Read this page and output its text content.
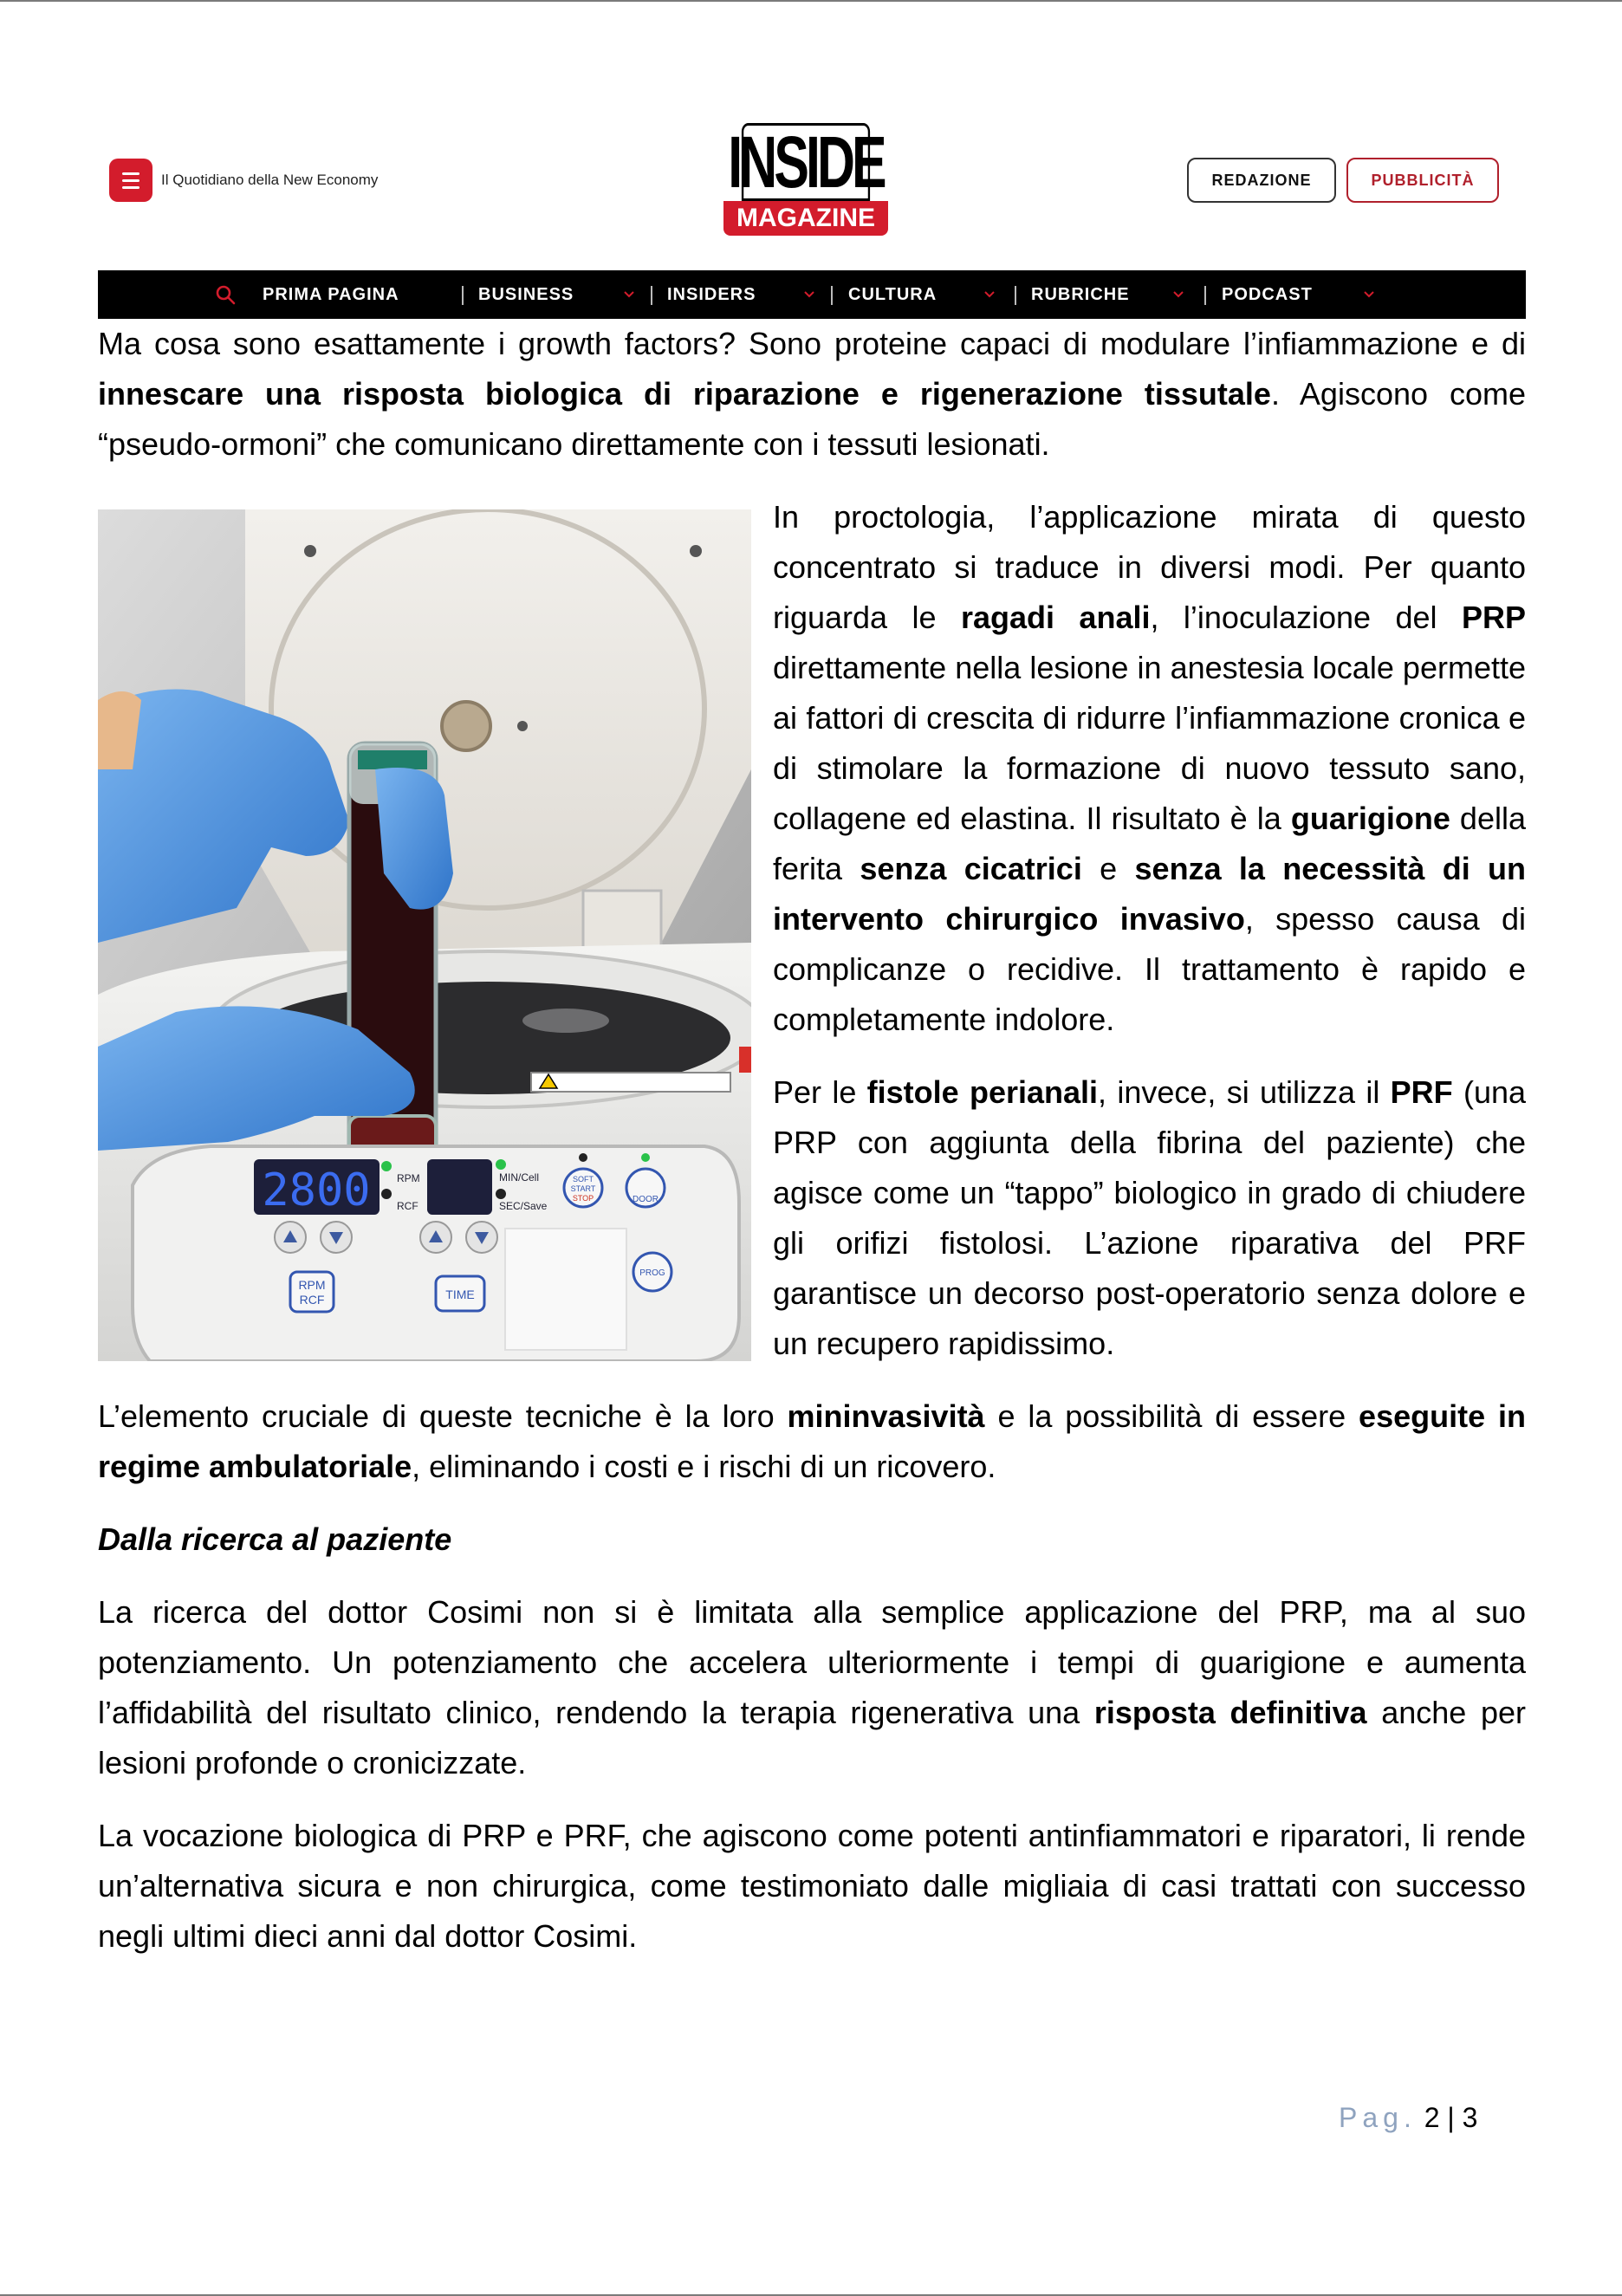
Il Quotidiano della New Economy	INSIDE
MAGAZINE
REDAZIONE	PUBBLICITÀ
PRIMA PAGINA	BUSINESS	INSIDERS	CULTURA	RUBRICHE	PODCAST

Ma cosa sono esattamente i growth factors? Sono proteine capaci di modulare l’infiammazione e di innescare una risposta biologica di riparazione e rigenerazione tissutale. Agiscono come “pseudo-ormoni” che comunicano direttamente con i tessuti lesionati.

2800	RPM
RCF
MIN/Cell
SEC/Save
SOFT
START
STOP	DOOR
PROG
RPM
RCF	TIME

In proctologia, l’applicazione mirata di questo concentrato si traduce in diversi modi. Per quanto riguarda le ragadi anali, l’inoculazione del PRP direttamente nella lesione in anestesia locale permette ai fattori di crescita di ridurre l’infiammazione cronica e di stimolare la formazione di nuovo tessuto sano, collagene ed elastina. Il risultato è la guarigione della ferita senza cicatrici e senza la necessità di un intervento chirurgico invasivo, spesso causa di complicanze o recidive. Il trattamento è rapido e completamente indolore.

Per le fistole perianali, invece, si utilizza il PRF (una PRP con aggiunta della fibrina del paziente) che agisce come un “tappo” biologico in grado di chiudere gli orifizi fistolosi. L’azione riparativa del PRF garantisce un decorso post-operatorio senza dolore e un recupero rapidissimo.

L’elemento cruciale di queste tecniche è la loro mininvasività e la possibilità di essere eseguite in regime ambulatoriale, eliminando i costi e i rischi di un ricovero.

Dalla ricerca al paziente

La ricerca del dottor Cosimi non si è limitata alla semplice applicazione del PRP, ma al suo potenziamento. Un potenziamento che accelera ulteriormente i tempi di guarigione e aumenta l’affidabilità del risultato clinico, rendendo la terapia rigenerativa una risposta definitiva anche per lesioni profonde o cronicizzate.

La vocazione biologica di PRP e PRF, che agiscono come potenti antinfiammatori e riparatori, li rende un’alternativa sicura e non chirurgica, come testimoniato dalle migliaia di casi trattati con successo negli ultimi dieci anni dal dottor Cosimi.

Pag. 2 | 3
